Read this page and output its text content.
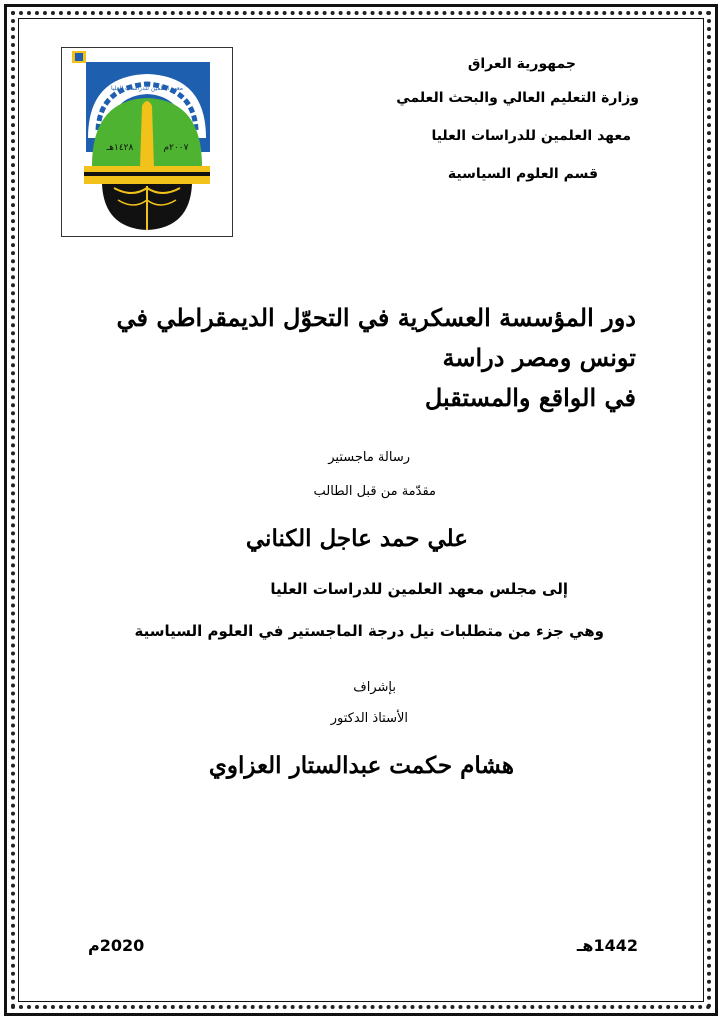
معهد العلمين للدراسات العليا
١٤٢٨هـ	٢٠٠٧م
جمهورية العراق
وزارة التعليم العالي والبحث العلمي
معهد العلمين للدراسات العليا
قسم العلوم السياسية
دور المؤسسة العسكرية في التحوّل الديمقراطي في تونس ومصر دراسة
في الواقع والمستقبل
رسالة ماجستير
مقدّمة من قبل الطالب
علي حمد عاجل الكناني
إلى مجلس معهد العلمين للدراسات العليا
وهي جزء من متطلبات نيل درجة الماجستير في العلوم السياسية
بإشراف
الأستاذ الدكتور
هشام حكمت عبدالستار العزاوي
2020م	1442هـ
